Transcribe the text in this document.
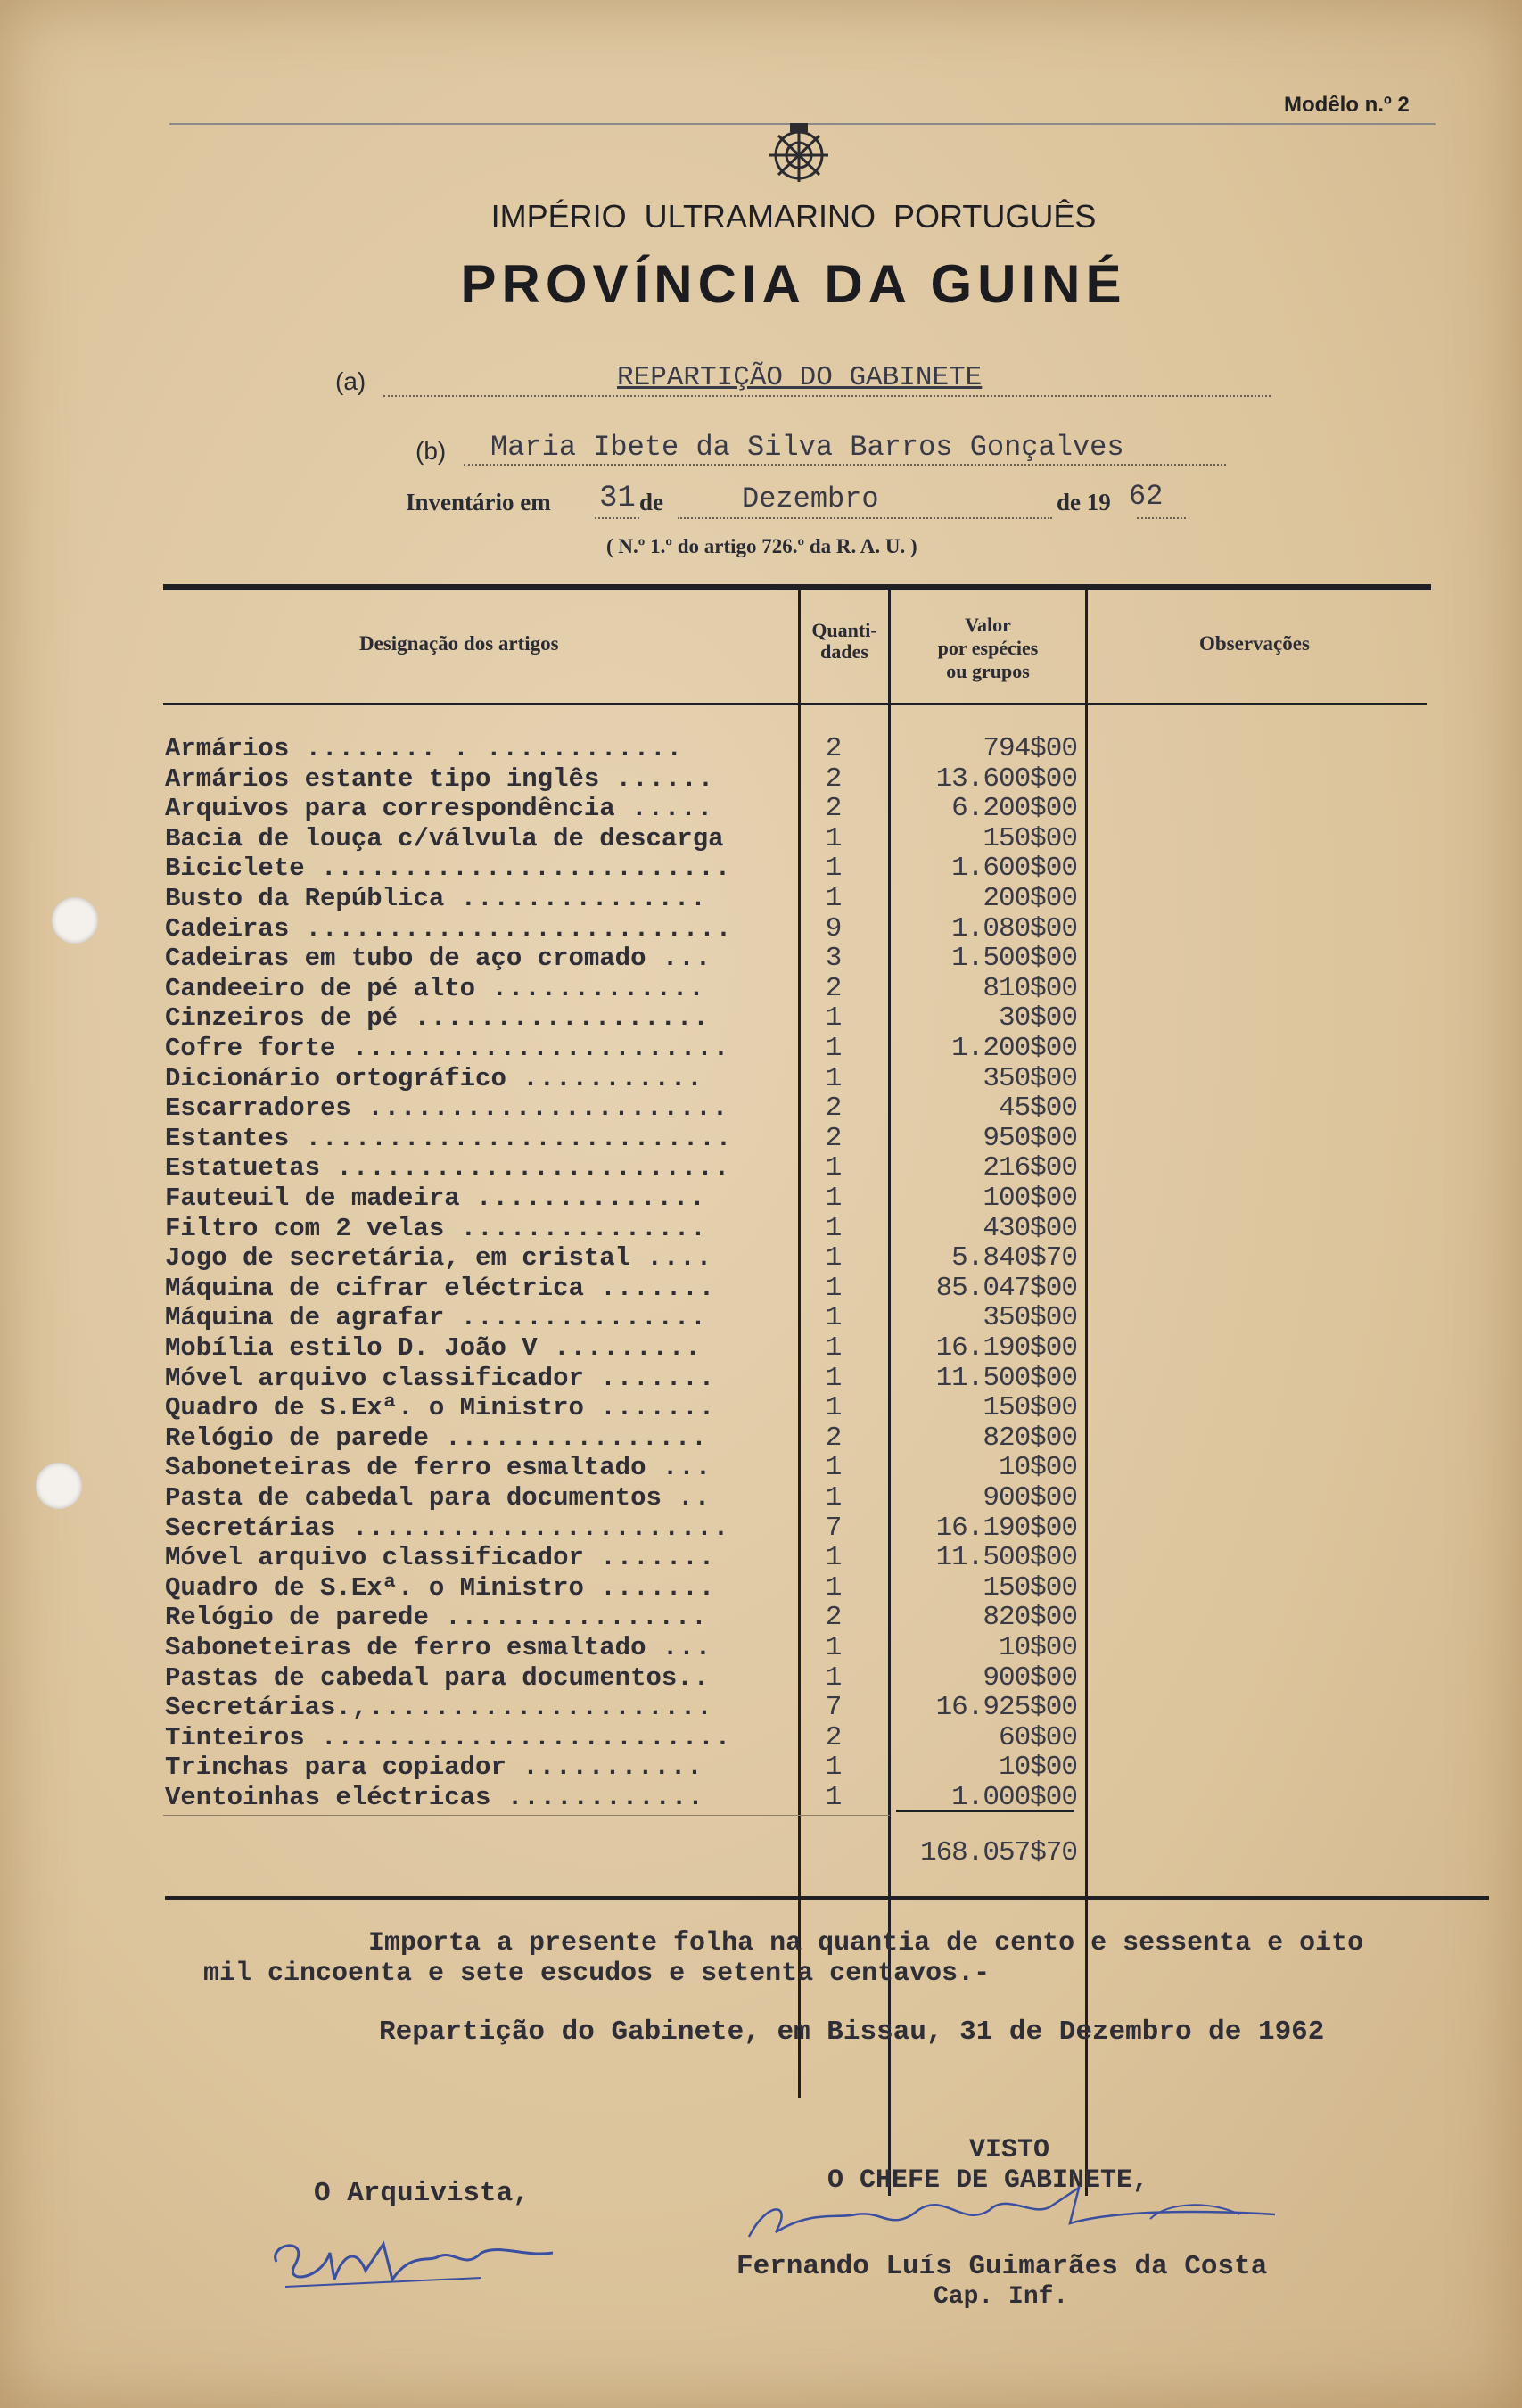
Modêlo n.º 2
IMPÉRIO ULTRAMARINO PORTUGUÊS
PROVÍNCIA DA GUINÉ
(a)	REPARTIÇÃO DO GABINETE
(b) Maria Ibete da Silva Barros Gonçalves
Inventário em 31 de	Dezembro	de 19 62
( N.º 1.º do artigo 726.º da R. A. U. )
Designação dos artigos
Quanti-
dades
Valor
por espécies
ou grupos
Observações
Armários ........ . ............	2	794$00
Armários estante tipo inglês ......	2	13.600$00
Arquivos para correspondência .....	2	6.200$00
Bacia de louça c/válvula de descarga	1	150$00
Biciclete .........................	1	1.600$00
Busto da República ...............	1	200$00
Cadeiras ..........................	9	1.080$00
Cadeiras em tubo de aço cromado ...	3	1.500$00
Candeeiro de pé alto .............	2	810$00
Cinzeiros de pé ..................	1	30$00
Cofre forte .......................	1	1.200$00
Dicionário ortográfico ...........	1	350$00
Escarradores ......................	2	45$00
Estantes ..........................	2	950$00
Estatuetas ........................	1	216$00
Fauteuil de madeira ..............	1	100$00
Filtro com 2 velas ...............	1	430$00
Jogo de secretária, em cristal ....	1	5.840$70
Máquina de cifrar eléctrica .......	1	85.047$00
Máquina de agrafar ...............	1	350$00
Mobília estilo D. João V .........	1	16.190$00
Móvel arquivo classificador .......	1	11.500$00
Quadro de S.Exª. o Ministro .......	1	150$00
Relógio de parede ................	2	820$00
Saboneteiras de ferro esmaltado ...	1	10$00
Pasta de cabedal para documentos ..	1	900$00
Secretárias .......................	7	16.190$00
Móvel arquivo classificador .......	1	11.500$00
Quadro de S.Exª. o Ministro .......	1	150$00
Relógio de parede ................	2	820$00
Saboneteiras de ferro esmaltado ...	1	10$00
Pastas de cabedal para documentos..	1	900$00
Secretárias.,.....................	7	16.925$00
Tinteiros .........................	2	60$00
Trinchas para copiador ...........	1	10$00
Ventoinhas eléctricas ............	1	1.000$00
168.057$70
Importa a presente folha na quantia de cento e sessenta e oito
mil cincoenta e sete escudos e setenta centavos.-
Repartição do Gabinete, em Bissau, 31 de Dezembro de 1962
VISTO
O CHEFE DE GABINETE,
O Arquivista,
Fernando Luís Guimarães da Costa
Cap. Inf.
